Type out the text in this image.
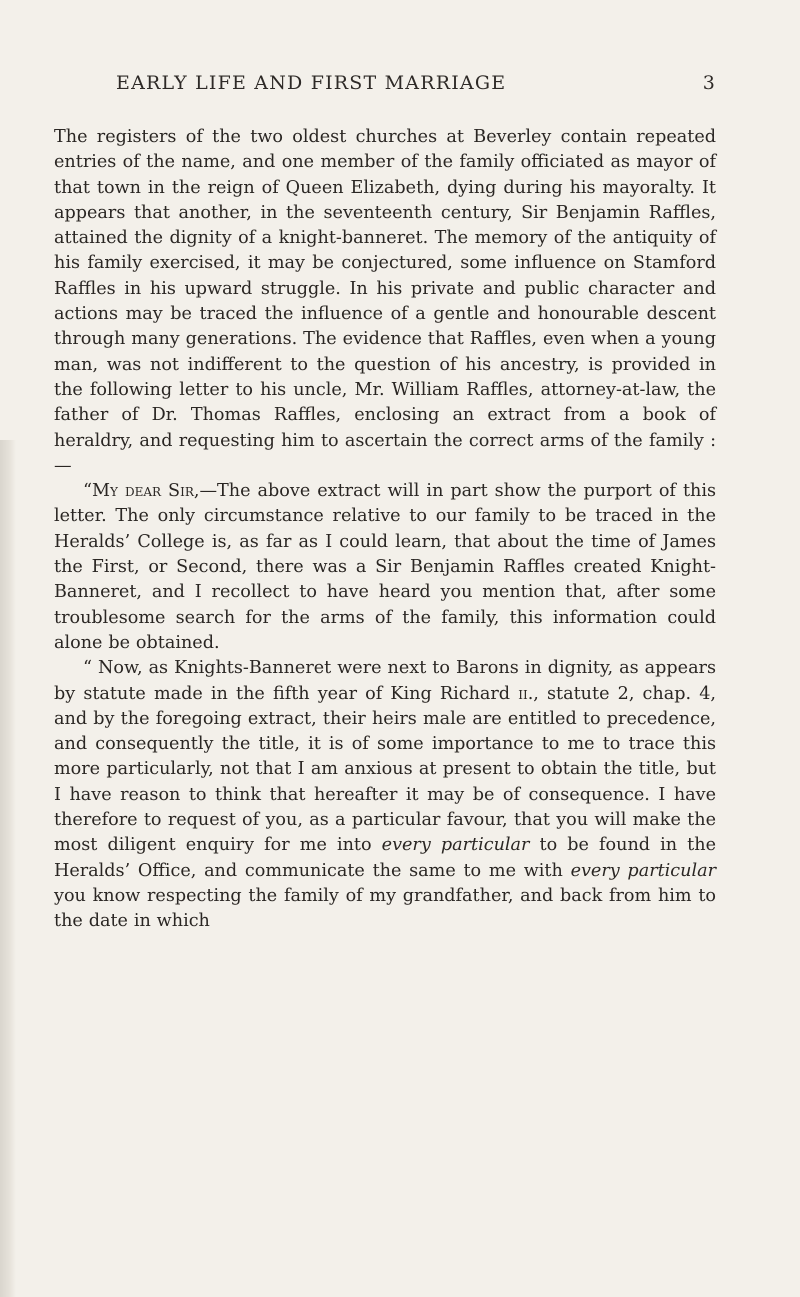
EARLY LIFE AND FIRST MARRIAGE	3

The registers of the two oldest churches at Beverley contain repeated entries of the name, and one member of the family officiated as mayor of that town in the reign of Queen Elizabeth, dying during his mayoralty. It appears that another, in the seventeenth century, Sir Benjamin Raffles, attained the dignity of a knight-banneret. The memory of the antiquity of his family exercised, it may be conjectured, some influence on Stamford Raffles in his upward struggle. In his private and public character and actions may be traced the influence of a gentle and honourable descent through many generations. The evidence that Raffles, even when a young man, was not indifferent to the question of his ancestry, is provided in the following letter to his uncle, Mr. William Raffles, attorney-at-law, the father of Dr. Thomas Raffles, enclosing an extract from a book of heraldry, and requesting him to ascertain the correct arms of the family :—

“My dear Sir,—The above extract will in part show the purport of this letter. The only circumstance relative to our family to be traced in the Heralds’ College is, as far as I could learn, that about the time of James the First, or Second, there was a Sir Benjamin Raffles created Knight-Banneret, and I recollect to have heard you mention that, after some troublesome search for the arms of the family, this information could alone be obtained.

“ Now, as Knights-Banneret were next to Barons in dignity, as appears by statute made in the fifth year of King Richard ii., statute 2, chap. 4, and by the foregoing extract, their heirs male are entitled to precedence, and consequently the title, it is of some importance to me to trace this more particularly, not that I am anxious at present to obtain the title, but I have reason to think that hereafter it may be of consequence. I have therefore to request of you, as a particular favour, that you will make the most diligent enquiry for me into every particular to be found in the Heralds’ Office, and communicate the same to me with every particular you know respecting the family of my grandfather, and back from him to the date in which
